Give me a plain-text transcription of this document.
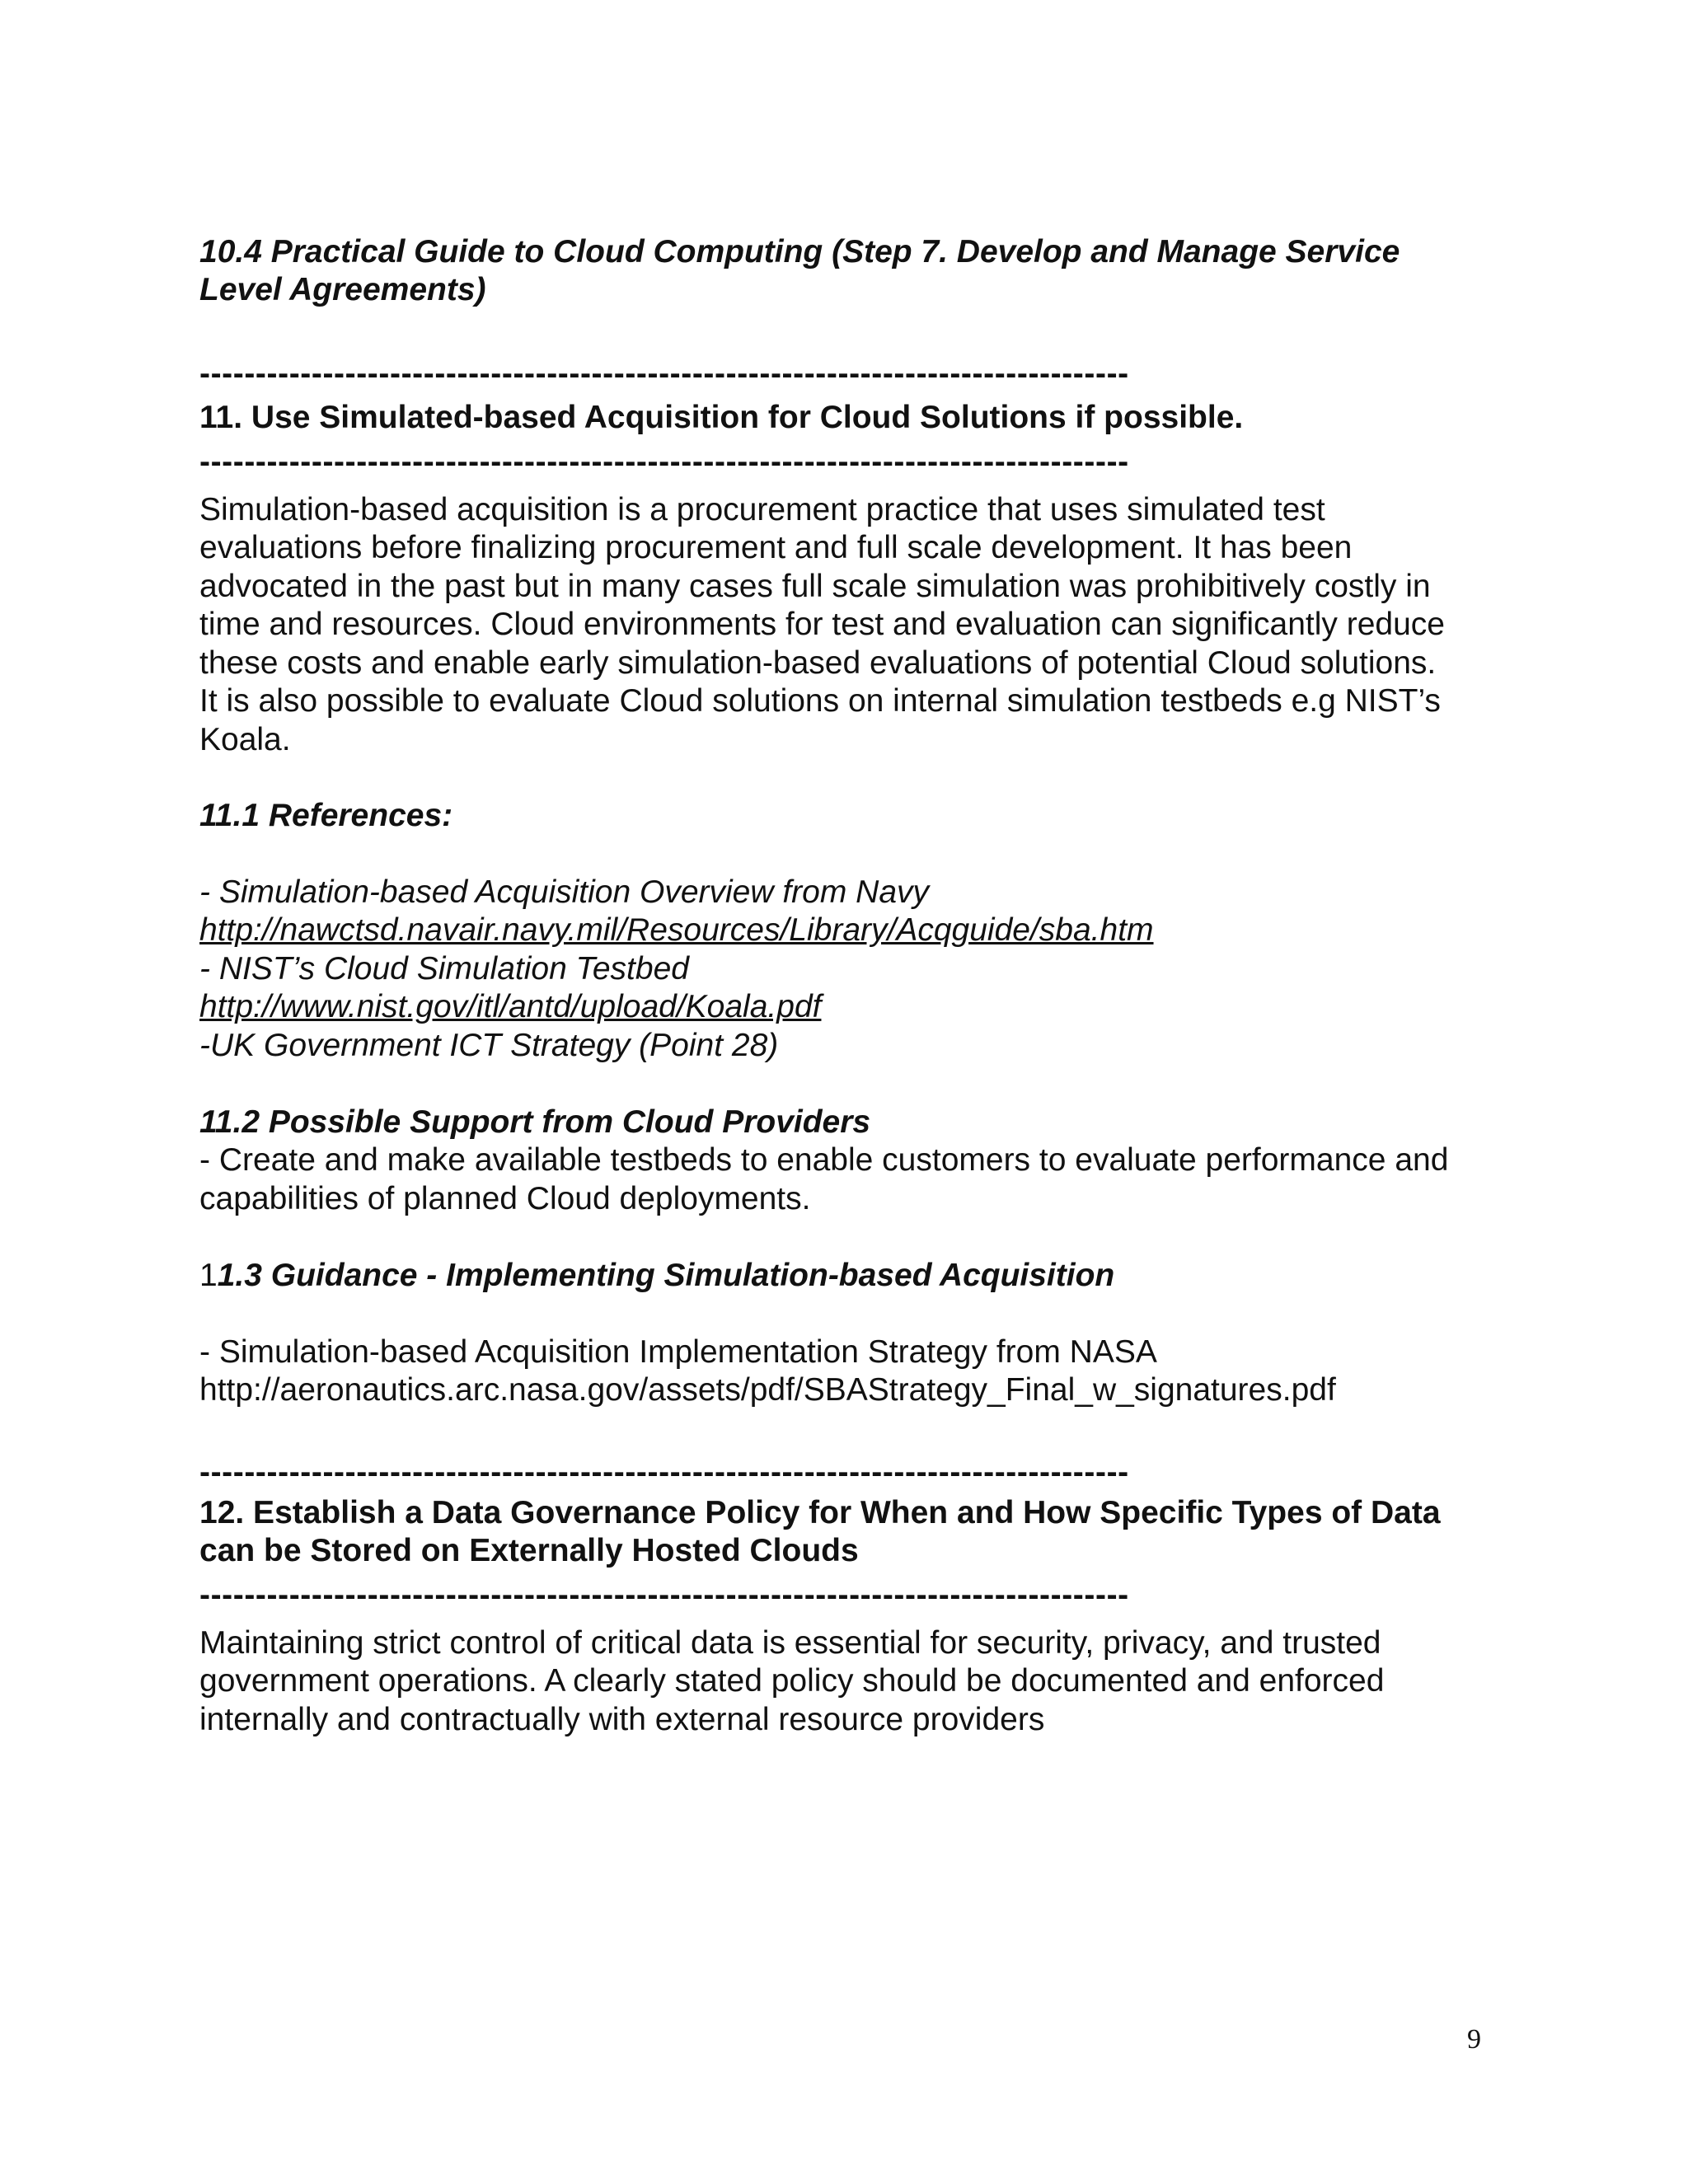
10.4 Practical Guide to Cloud Computing (Step 7. Develop and Manage Service

Level Agreements)

-----------------------------------------------------------------------------------

11. Use Simulated-based Acquisition for Cloud Solutions if possible.

-----------------------------------------------------------------------------------

Simulation-based acquisition is a procurement practice that uses simulated test

evaluations before finalizing procurement and full scale development. It has been

advocated in the past but in many cases full scale simulation was prohibitively costly in

time and resources. Cloud environments for test and evaluation can significantly reduce

these costs and enable early simulation-based evaluations of potential Cloud solutions.

It is also possible to evaluate Cloud solutions on internal simulation testbeds e.g NIST’s

Koala.

11.1 References:

- Simulation-based Acquisition Overview from Navy

http://nawctsd.navair.navy.mil/Resources/Library/Acqguide/sba.htm

- NIST’s Cloud Simulation Testbed

http://www.nist.gov/itl/antd/upload/Koala.pdf

-UK Government ICT Strategy (Point 28)

11.2 Possible Support from Cloud Providers

- Create and make available testbeds to enable customers to evaluate performance and

capabilities of planned Cloud deployments.

11.3 Guidance - Implementing Simulation-based Acquisition

- Simulation-based Acquisition Implementation Strategy from NASA

http://aeronautics.arc.nasa.gov/assets/pdf/SBAStrategy_Final_w_signatures.pdf

-----------------------------------------------------------------------------------

12. Establish a Data Governance Policy for When and How Specific Types of Data

can be Stored on Externally Hosted Clouds

-----------------------------------------------------------------------------------

Maintaining strict control of critical data is essential for security, privacy, and trusted

government operations. A clearly stated policy should be documented and enforced

internally and contractually with external resource providers

9
